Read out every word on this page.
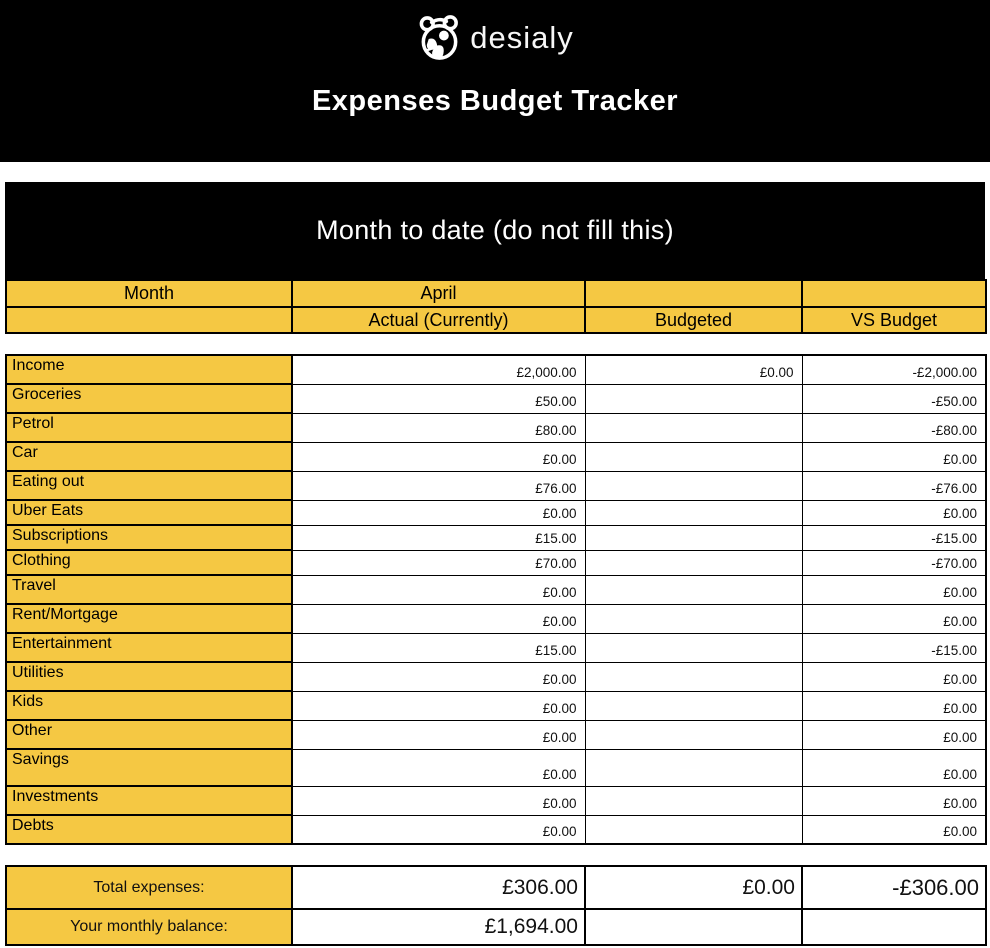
desialy
Expenses Budget Tracker
Month to date (do not fill this)
Month	April		
	Actual (Currently)	Budgeted	VS Budget
Income	£2,000.00	£0.00	-£2,000.00
Groceries	£50.00		-£50.00
Petrol	£80.00		-£80.00
Car	£0.00		£0.00
Eating out	£76.00		-£76.00
Uber Eats	£0.00		£0.00
Subscriptions	£15.00		-£15.00
Clothing	£70.00		-£70.00
Travel	£0.00		£0.00
Rent/Mortgage	£0.00		£0.00
Entertainment	£15.00		-£15.00
Utilities	£0.00		£0.00
Kids	£0.00		£0.00
Other	£0.00		£0.00
Savings	£0.00		£0.00
Investments	£0.00		£0.00
Debts	£0.00		£0.00
Total expenses:	£306.00	£0.00	-£306.00
Your monthly balance:	£1,694.00		
